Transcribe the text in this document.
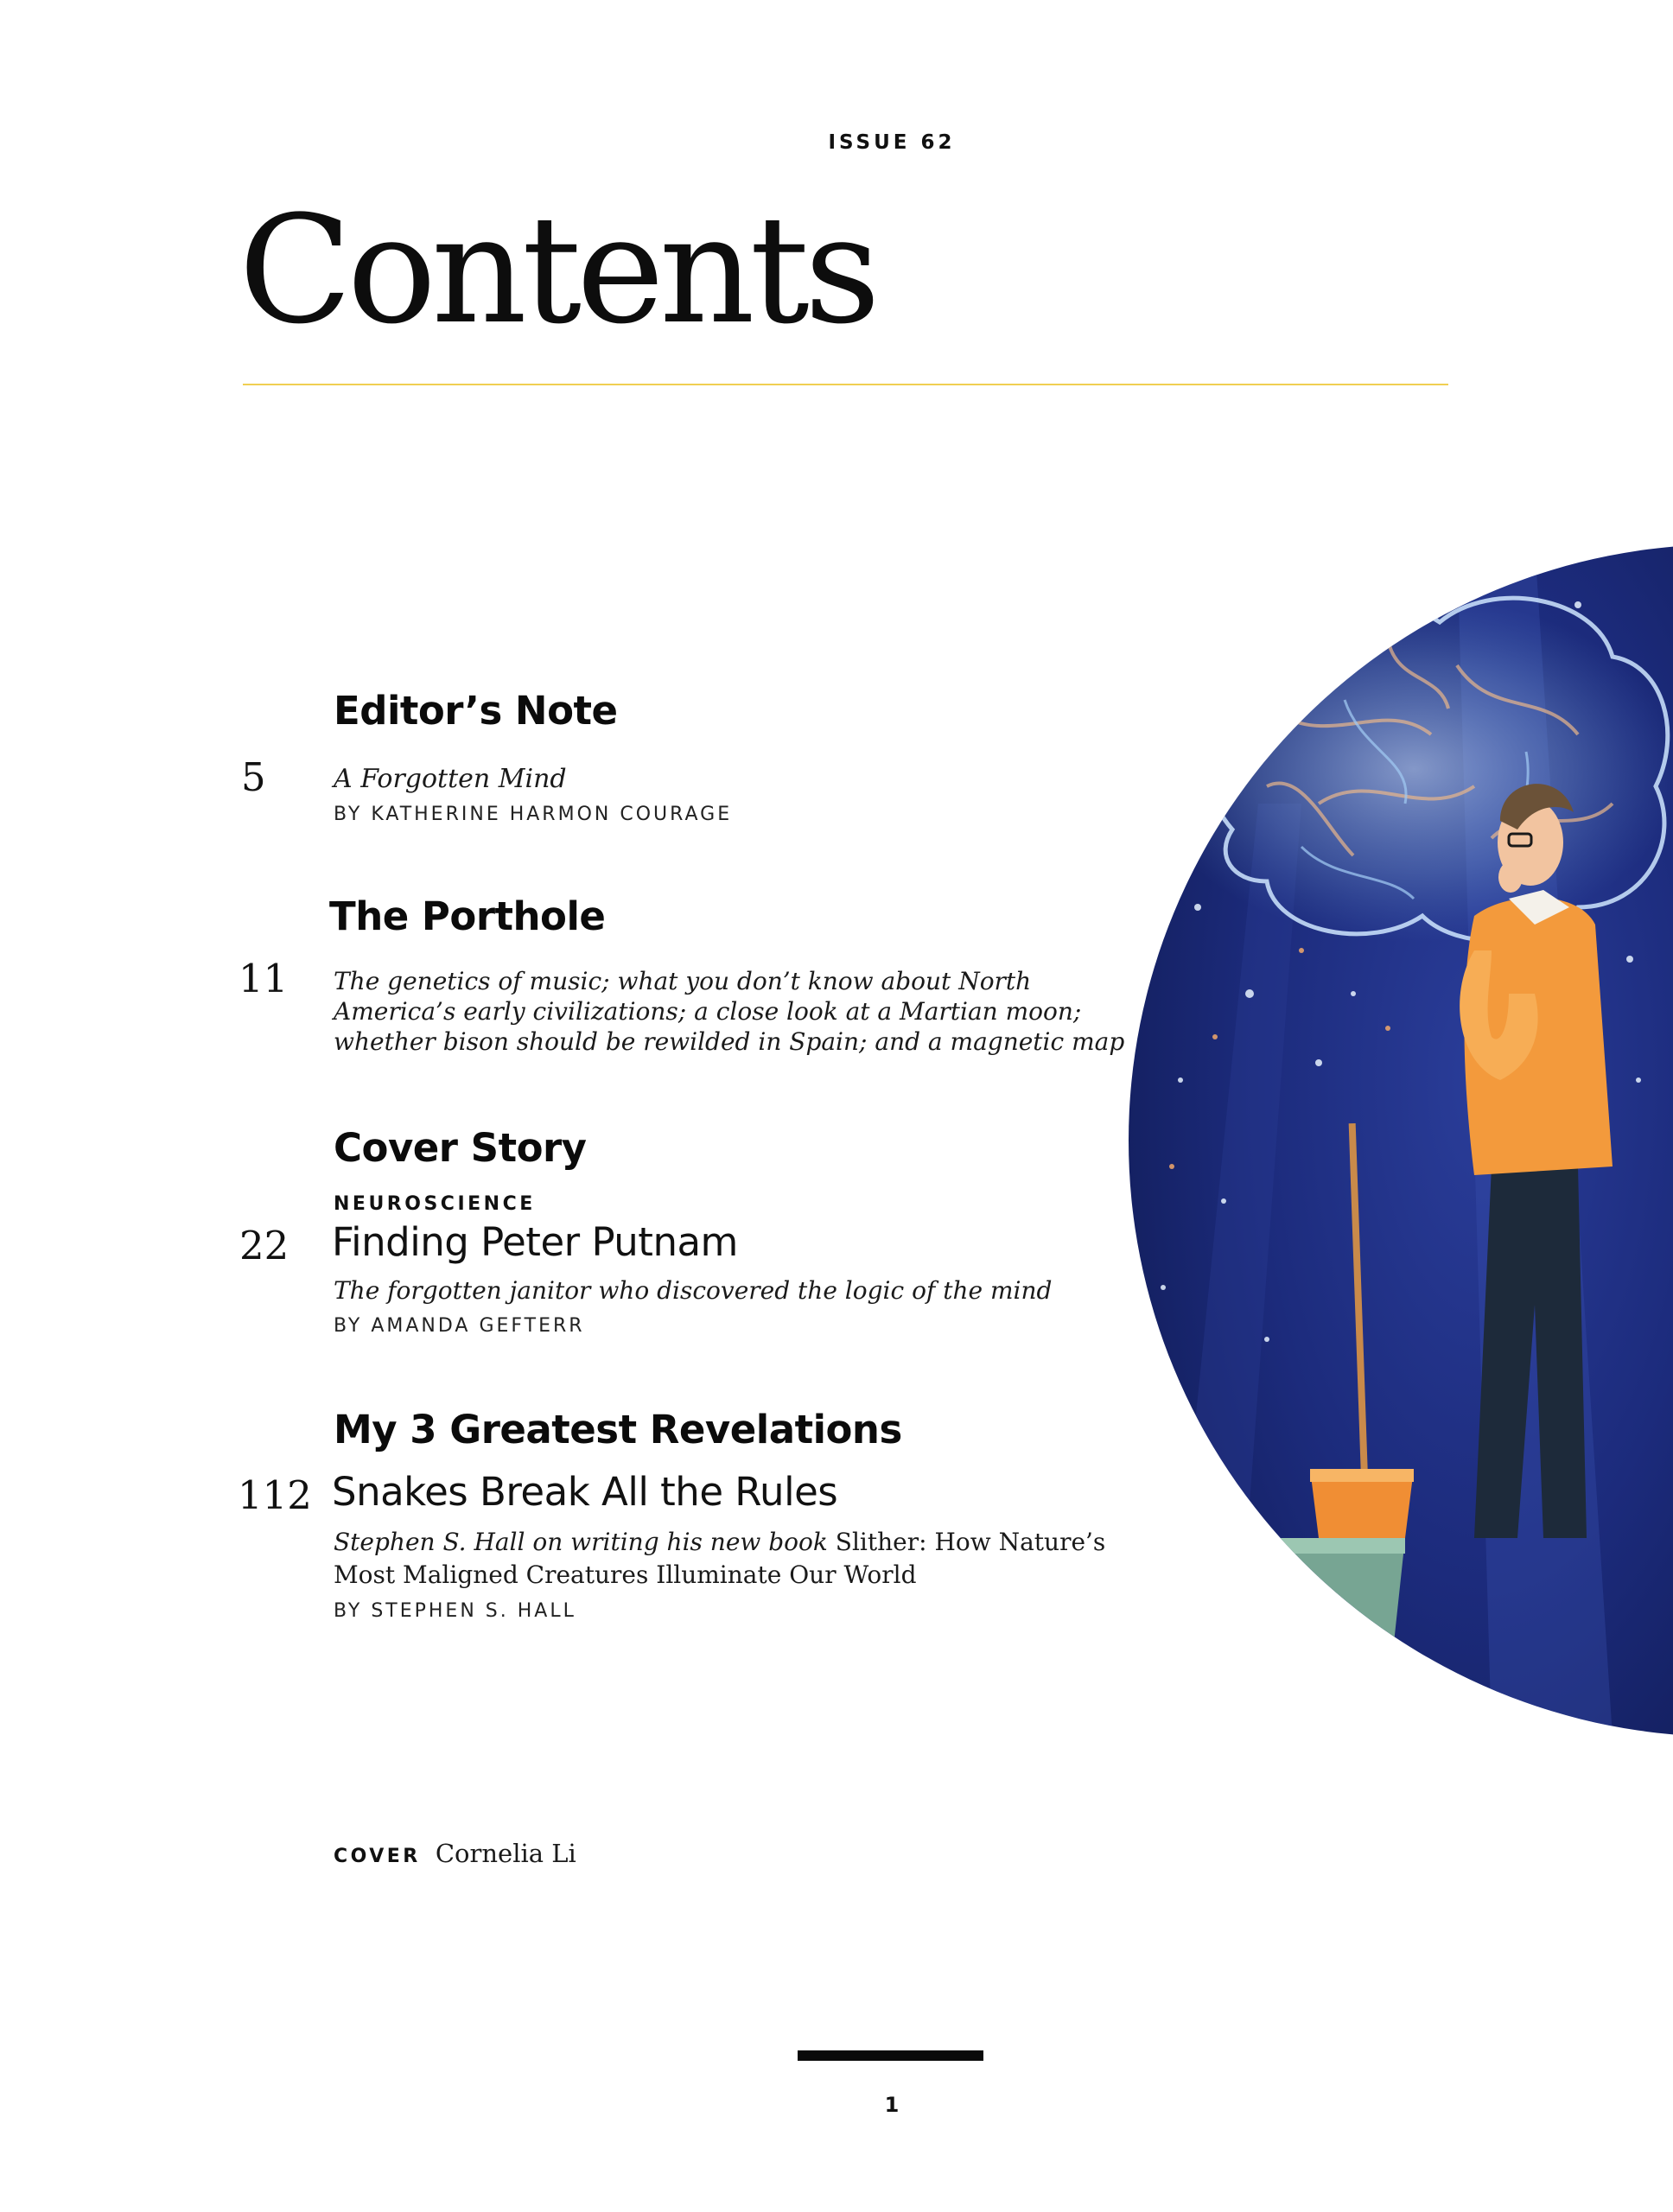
ISSUE 62
Contents
Editor’s Note
5	A Forgotten Mind
BY KATHERINE HARMON COURAGE
The Porthole
11 The genetics of music; what you don’t know about North
America’s early civilizations; a close look at a Martian moon;
whether bison should be rewilded in Spain; and a magnetic map
Cover Story
NEUROSCIENCE
22 Finding Peter Putnam
The forgotten janitor who discovered the logic of the mind
BY AMANDA GEFTERR
My 3 Greatest Revelations
112 Snakes Break All the Rules
Stephen S. Hall on writing his new book Slither: How Nature’s
Most Maligned Creatures Illuminate Our World
BY STEPHEN S. HALL
COVER Cornelia Li
1
